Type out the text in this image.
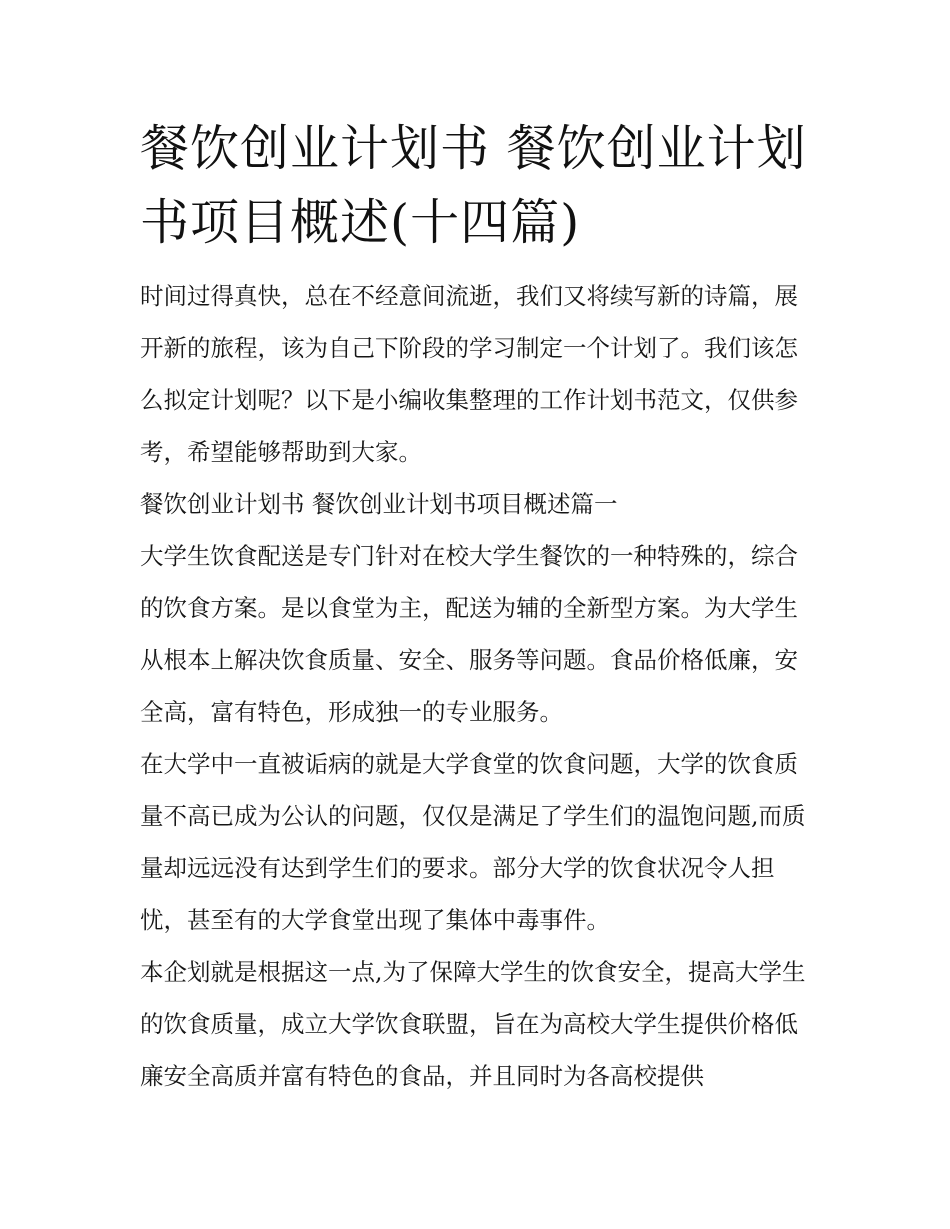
餐饮创业计划书 餐饮创业计划书项目概述(十四篇)

时间过得真快，总在不经意间流逝，我们又将续写新的诗篇，展开新的旅程，该为自己下阶段的学习制定一个计划了。我们该怎么拟定计划呢？以下是小编收集整理的工作计划书范文，仅供参考，希望能够帮助到大家。

餐饮创业计划书 餐饮创业计划书项目概述篇一

大学生饮食配送是专门针对在校大学生餐饮的一种特殊的，综合的饮食方案。是以食堂为主，配送为辅的全新型方案。为大学生从根本上解决饮食质量、安全、服务等问题。食品价格低廉，安全高，富有特色，形成独一的专业服务。

在大学中一直被诟病的就是大学食堂的饮食问题，大学的饮食质量不高已成为公认的问题，仅仅是满足了学生们的温饱问题,而质量却远远没有达到学生们的要求。部分大学的饮食状况令人担忧，甚至有的大学食堂出现了集体中毒事件。

本企划就是根据这一点,为了保障大学生的饮食安全，提高大学生的饮食质量，成立大学饮食联盟，旨在为高校大学生提供价格低廉安全高质并富有特色的食品，并且同时为各高校提供
